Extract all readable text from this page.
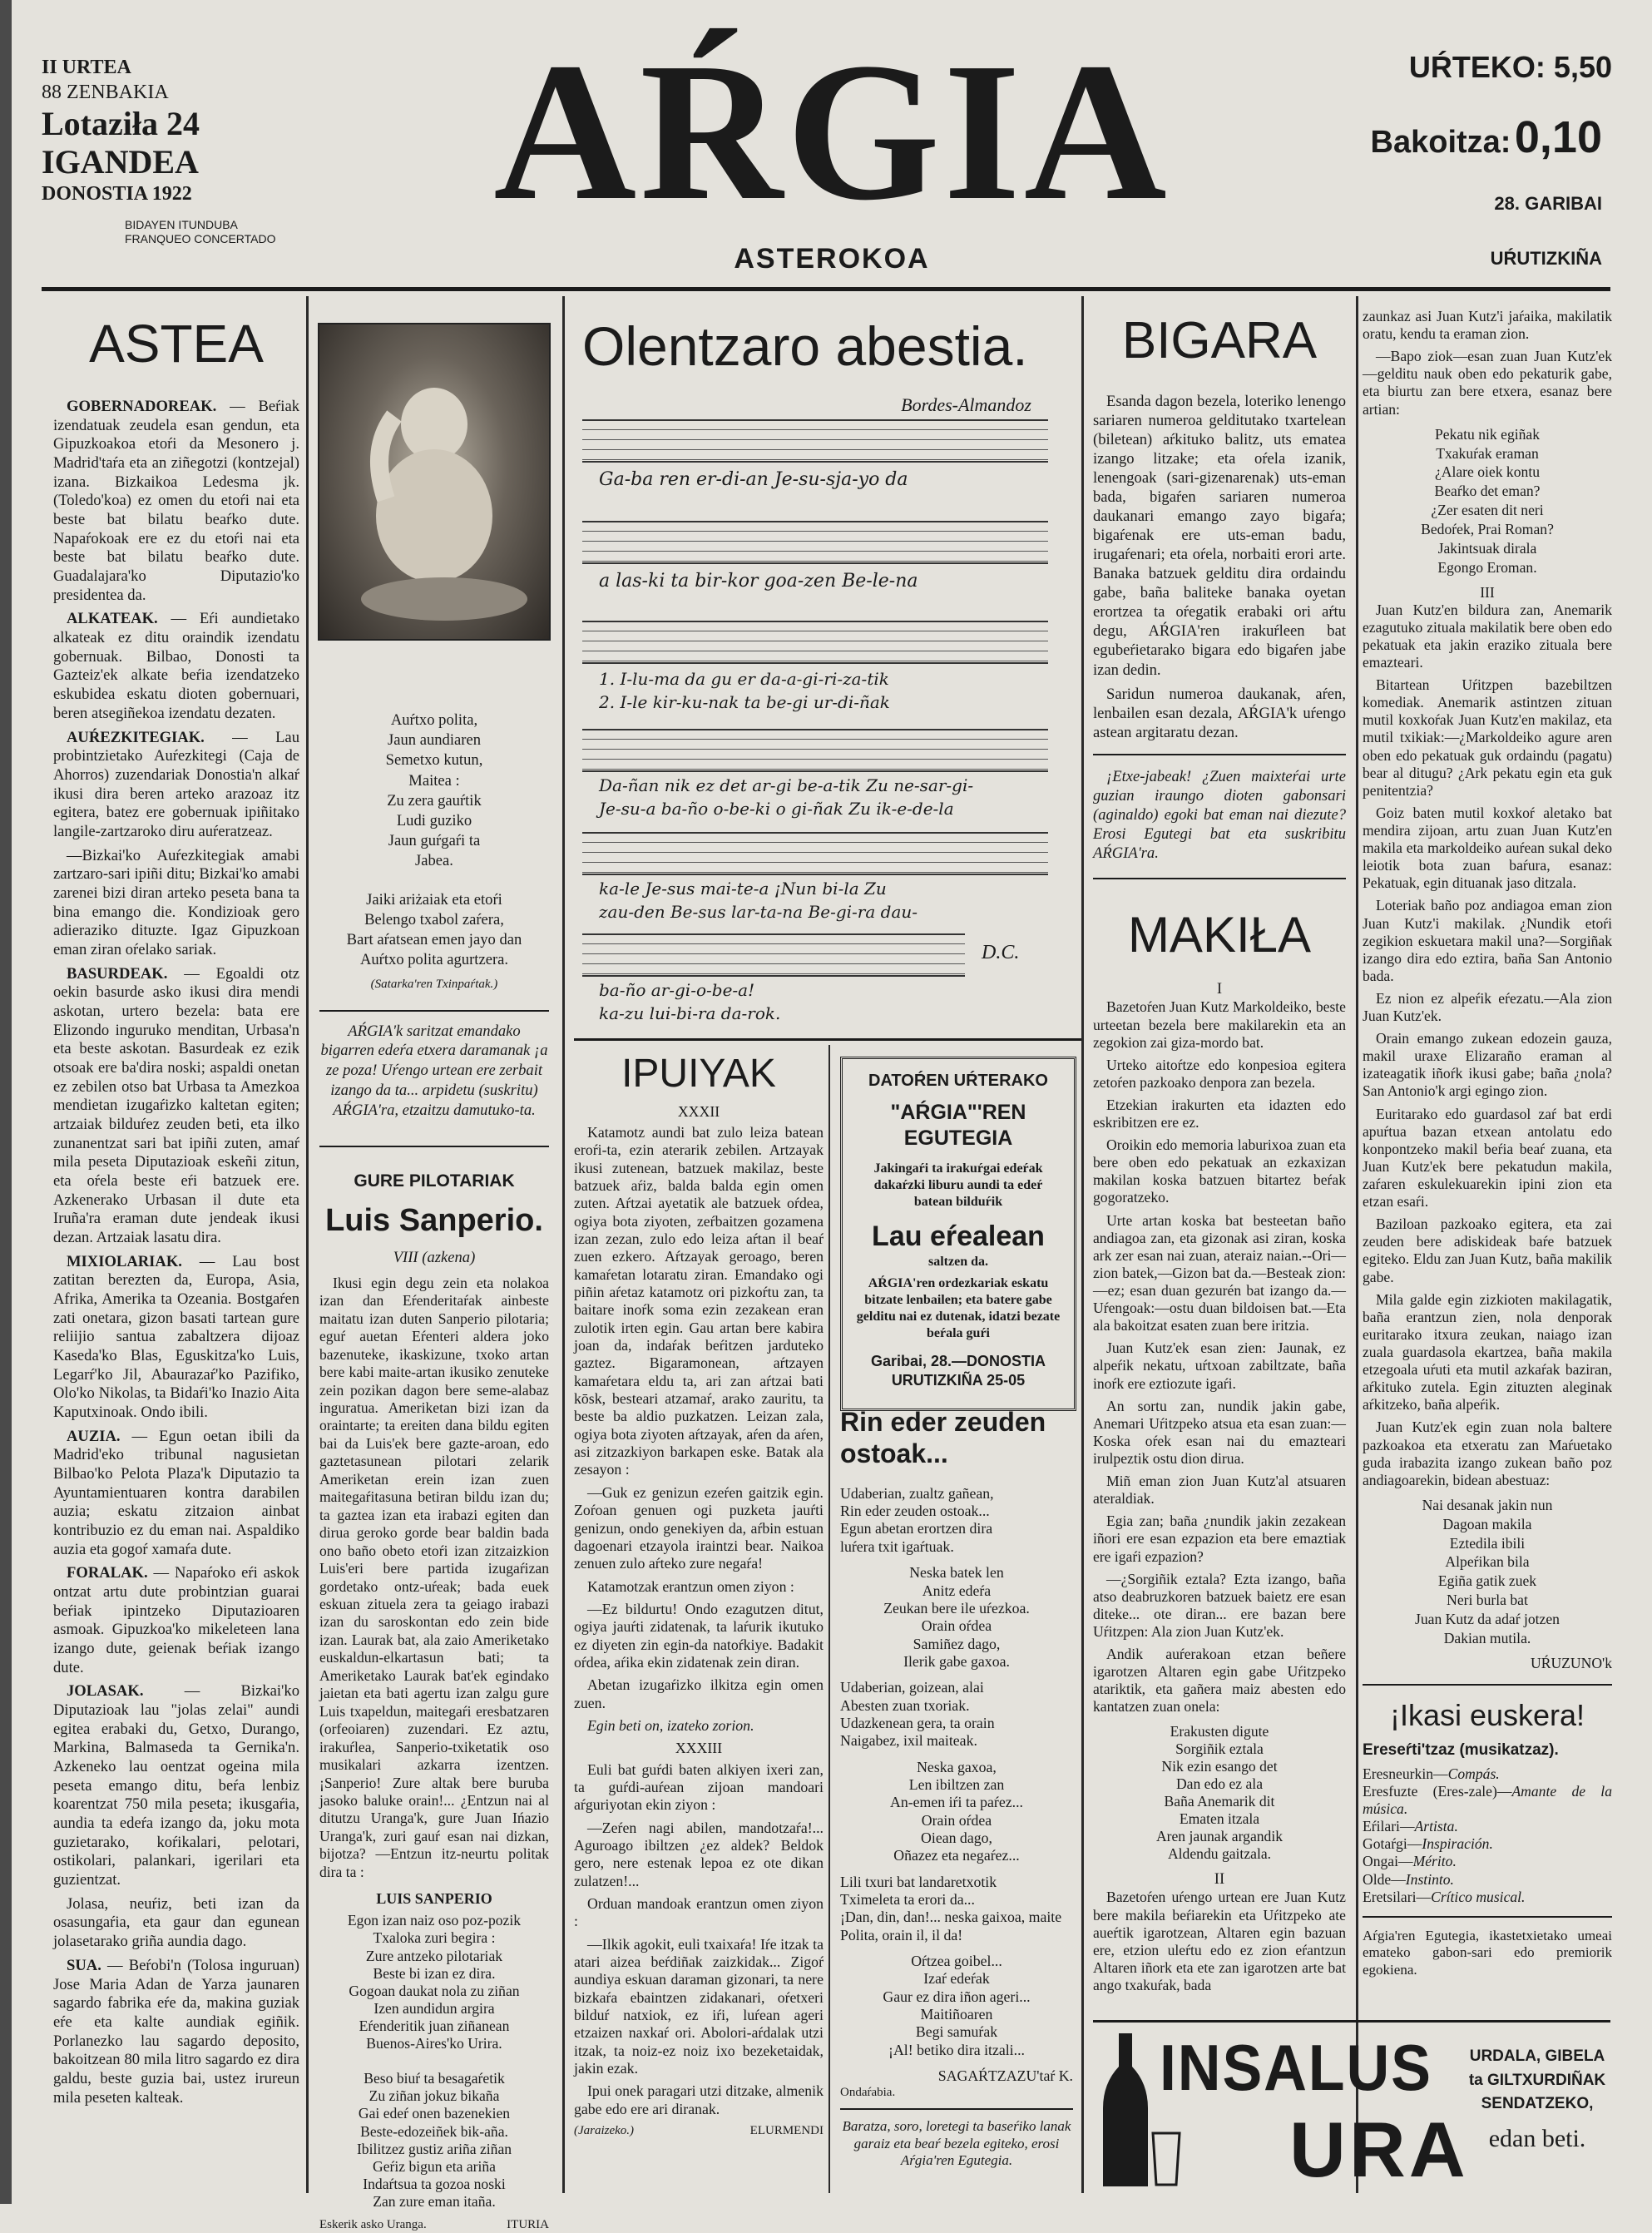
II URTEA
88 ZENBAKIA
Lotaziła 24
IGANDEA
DONOSTIA 1922
BIDAYEN ITUNDUBA
FRANQUEO CONCERTADO AŔGIA
ASTEROKOA
UŔTEKO: 5,50
Bakoitza: 0,10
28. GARIBAI
UŔUTIZKIÑA
ASTEA

GOBERNADOREAK. — Beŕiak izendatuak zeudela esan gendun, eta Gipuzkoakoa etoŕi da Mesonero j. Madrid'taŕa eta an ziñegotzi (kontzejal) izana. Bizkaikoa Ledesma jk. (Toledo'koa) ez omen du etoŕi nai eta beste bat bilatu beaŕko dute. Napaŕokoak ere ez du etoŕi nai eta beste bat bilatu beaŕko dute. Guadalajara'ko Diputazio'ko presidentea da.

ALKATEAK. — Eŕi aundietako alkateak ez ditu oraindik izendatu gobernuak. Bilbao, Donosti ta Gazteiz'ek alkate beŕia izendatzeko eskubidea eskatu dioten gobernuari, beren atsegiñekoa izendatu dezaten.

AUŔEZKITEGIAK. — Lau probintzietako Auŕezkitegi (Caja de Ahorros) zuzendariak Donostia'n alkaŕ ikusi dira beren arteko arazoaz itz egitera, batez ere gobernuak ipiñitako langile-zartzaroko diru auŕeratzeaz.

—Bizkai'ko Auŕezkitegiak amabi zartzaro-sari ipiñi ditu; Bizkai'ko amabi zarenei bizi diran arteko peseta bana ta bina emango die. Kondizioak gero adieraziko dituzte. Igaz Gipuzkoan eman ziran oŕelako sariak.

BASURDEAK. — Egoaldi otz oekin basurde asko ikusi dira mendi askotan, urtero bezela: bata ere Elizondo inguruko menditan, Urbasa'n eta beste askotan. Basurdeak ez ezik otsoak ere ba'dira noski; aspaldi onetan ez zebilen otso bat Urbasa ta Amezkoa mendietan izugaŕizko kaltetan egiten; artzaiak bilduŕez zeuden beti, eta ilko zunanentzat sari bat ipiñi zuten, amaŕ mila peseta Diputazioak eskeñi zitun, eta oŕela beste eŕi batzuek ere. Azkenerako Urbasan il dute eta Iruña'ra eraman dute jendeak ikusi dezan. Artzaiak lasatu dira.

MIXIOLARIAK. — Lau bost zatitan berezten da, Europa, Asia, Afrika, Amerika ta Ozeania. Bostgaŕen zati onetara, gizon basati tartean gure reliĳio santua zabaltzera dijoaz Kaseda'ko Blas, Eguskitza'ko Luis, Legarŕ'ko Jil, Abaurazaŕ'ko Pazifiko, Olo'ko Nikolas, ta Bidaŕi'ko Inazio Aita Kaputxinoak. Ondo ibili.

AUZIA. — Egun oetan ibili da Madrid'eko tribunal nagusietan Bilbao'ko Pelota Plaza'k Diputazio ta Ayuntamientuaren kontra darabilen auzia; eskatu zitzaion ainbat kontribuzio ez du eman nai. Aspaldiko auzia eta gogoŕ xamaŕa dute.

FORALAK. — Napaŕoko eŕi askok ontzat artu dute probintzian guarai beŕiak ipintzeko Diputazioaren asmoak. Gipuzkoa'ko mikeleteen lana izango dute, geienak beŕiak izango dute.

JOLASAK. — Bizkai'ko Diputazioak lau "jolas zelai" aundi egitea erabaki du, Getxo, Durango, Markina, Balmaseda ta Gernika'n. Azkeneko lau oentzat ogeina mila peseta emango ditu, beŕa lenbiz koarentzat 750 mila peseta; ikusgaŕia, aundia ta edeŕa izango da, joku mota guzietarako, koŕikalari, pelotari, ostikolari, palankari, igerilari eta guzientzat.

Jolasa, neuŕiz, beti izan da osasungaŕia, eta gaur dan egunean jolasetarako griña aundia dago.

SUA. — Beŕobi'n (Tolosa inguruan) Jose Maria Adan de Yarza jaunaren sagardo fabrika eŕe da, makina guziak eŕe eta kalte aundiak egiñik. Porlanezko lau sagardo deposito, bakoitzean 80 mila litro sagardo ez dira galdu, beste guzia bai, ustez irureun mila peseten kalteak.

Auŕtxo polita,
Jaun aundiaren
Semetxo kutun,
Maitea :
Zu zera gauŕtik
Ludi guziko
Jaun guŕgaŕi ta
Jabea.
Jaiki ariżaiak eta etoŕi
Belengo txabol zaŕera,
Bart aŕatsean emen jayo dan
Auŕtxo polita agurtzera.
(Satarka'ren Txinpaŕtak.)

AŔGIA'k saritzat emandako bigarren edeŕa etxera daramanak ¡a ze poza! Uŕengo urtean ere zerbait izango da ta... arpidetu (suskritu) AŔGIA'ra, etzaitzu damutuko-ta.

GURE PILOTARIAK
Luis Sanperio.
VIII (azkena)

Ikusi egin degu zein eta nolakoa izan dan Eŕenderitaŕak ainbeste maitatu izan duten Sanperio pilotaria; eguŕ auetan Eŕenteri aldera joko bazenuteke, ikaskizune, txoko artan bere kabi maite-artan ikusiko zenuteke zein pozikan dagon bere seme-alabaz inguratua. Ameriketan bizi izan da oraintarte; ta ereiten dana bildu egiten bai da Luis'ek bere gazte-aroan, edo gaztetasunean pilotari zelarik Ameriketan erein izan zuen maitegaŕitasuna betiran bildu izan du; ta gaztea izan eta irabazi egiten dan dirua geroko gorde bear baldin bada ono baño obeto etoŕi izan zitzaizkion Luis'eri bere partida izugaŕizan gordetako ontz-uŕeak; bada euek eskuan zituela zera ta geiago irabazi izan du saroskontan edo zein bide izan. Laurak bat, ala zaio Ameriketako euskaldun-elkartasun bati; ta Ameriketako Laurak bat'ek egindako jaietan eta bati agertu izan zalgu gure Luis txapeldun, maitegaŕi eresbatzaren (orfeoiaren) zuzendari. Ez aztu, irakuŕlea, Sanperio-txiketatik oso musikalari azkarra izentzen. ¡Sanperio! Zure altak bere buruba jasoko baluke orain!... ¿Entzun nai al ditutzu Uranga'k, gure Juan Ińazio Uranga'k, zuri gauŕ esan nai dizkan, bijotza? —Entzun itz-neurtu politak dira ta :

LUIS SANPERIO
Egon izan naiz oso poz-pozik
Txaloka zuri begira :
Zure antzeko pilotariak
Beste bi izan ez dira.
Gogoan daukat nola zu ziñan
Izen aundidun argira
Eŕenderitik juan ziñanean
Buenos-Aires'ko Urira.
Beso biuŕ ta besagaŕetik
Zu ziñan jokuz bikaña
Gai edeŕ onen bazenekien
Beste-edozeiñek bik-aña.
Ibilitzez gustiz ariña ziñan
Geŕiz bigun eta ariña
Indaŕtsua ta gozoa noski
Zan zure eman itaña.
Eskerik asko Uranga.	ITURIA
Olentzaro abestia.
Bordes-Almandoz
Ga-ba ren er-di-an Je-su-sja-yo da
a las-ki ta bir-kor goa-zen Be-le-na
1. I-lu-ma da gu er da-a-gi-ri-za-tik
2. I-le kir-ku-nak ta be-gi ur-di-ñak
Da-ñan nik ez det ar-gi be-a-tik Zu ne-sar-gi-
Je-su-a ba-ño o-be-ki o gi-ñak Zu ik-e-de-la
ka-le Je-sus mai-te-a ¡Nun bi-la Zu
zau-den Be-sus lar-ta-na Be-gi-ra dau-
D.C.
ba-ño ar-gi-o-be-a!
ka-zu lui-bi-ra da-rok.
IPUIYAK
XXXII

Katamotz aundi bat zulo leiza batean eroŕi-ta, ezin aterarik zebilen. Artzayak ikusi zutenean, batzuek makilaz, beste batzuek aŕiz, balda balda egin omen zuten. Aŕtzai ayetatik ale batzuek oŕdea, ogiya bota ziyoten, zeŕbaitzen gozamena izan zezan, zulo edo leiza aŕtan il beaŕ zuen ezkero. Aŕtzayak geroago, beren kamaŕetan lotaratu ziran. Emandako ogi piñin aŕetaz katamotz ori pizkoŕtu zan, ta baitare inoŕk soma ezin zezakean eran zulotik irten egin. Gau artan bere kabira joan da, indaŕak beŕitzen jarduteko gaztez. Bigaramonean, aŕtzayen kamaŕetara eldu ta, ari zan aŕtzai bati kōsk, besteari atzamaŕ, arako zauritu, ta beste ba aldio puzkatzen. Leizan zala, ogiya bota ziyoten aŕtzayak, aŕen da aŕen, asi zitzazkiyon barkapen eske. Batak ala zesayon :

—Guk ez genizun ezeŕen gaitzik egin. Zoŕoan genuen ogi puzketa jauŕti genizun, ondo genekiyen da, aŕbin estuan dagoenari etzayola iraintzi bear. Naikoa zenuen zulo aŕteko zure negaŕa!

Katamotzak erantzun omen ziyon :

—Ez bildurtu! Ondo ezagutzen ditut, ogiya jauŕti zidatenak, ta laŕurik ikutuko ez diyeten zin egin-da natoŕkiye. Badakit oŕdea, aŕika ekin zidatenak zein diran.

Abetan izugaŕizko ilkitza egin omen zuen.

Egin beti on, izateko zorion.

XXXIII

Euli bat guŕdi baten alkiyen ixeri zan, ta guŕdi-auŕean zijoan mandoari aŕguriyotan ekin ziyon :

—Zeŕen nagi abilen, mandotzaŕa!... Aguroago ibiltzen ¿ez aldek? Beldok gero, nere estenak lepoa ez ote dikan zulatzen!...

Orduan mandoak erantzun omen ziyon :

—Ilkik agokit, euli txaixaŕa! Iŕe itzak ta atari aizea beŕdiñak zaizkidak... Zigoŕ aundiya eskuan daraman gizonari, ta nere bizkaŕa ebaintzen zidakanari, oŕetxeri bilduŕ natxiok, ez iŕi, luŕean ageri etzaizen naxkaŕ ori. Abolori-aŕdalak utzi itzak, ta noiz-ez noiz ixo bezeketaidak, jakin ezak.

Ipui onek paragari utzi ditzake, almenik gabe edo ere ari diranak.

(Jaraizeko.)	ELURMENDI
DATOŔEN UŔTERAKO
"AŔGIA"'REN EGUTEGIA
Jakingaŕi ta irakuŕgai edeŕak dakaŕzki liburu aundi ta edeŕ batean bilduŕik
Lau eŕealean
saltzen da.
AŔGIA'ren ordezkariak eskatu bitzate lenbailen; eta batere gabe gelditu nai ez dutenak, idatzi bezate beŕala guŕi
Garibai, 28.—DONOSTIA
URUTIZKIÑA 25-05
Rin eder zeuden ostoak...
Udaberian, zualtz gañean,
Rin eder zeuden ostoak...
Egun abetan erortzen dira
luŕera txit igaŕtuak.
Neska batek len
Anitz edeŕa
Zeukan bere ile uŕezkoa.
Orain oŕdea
Samiñez dago,
Ilerik gabe gaxoa.
Udaberian, goizean, alai
Abesten zuan txoriak.
Udazkenean gera, ta orain
Naigabez, ixil maiteak.
Neska gaxoa,
Len ibiltzen zan
An-emen iŕi ta paŕez...
Orain oŕdea
Oiean dago,
Oñazez eta negaŕez...
Lili txuri bat landaretxotik
Tximeleta ta erori da...
¡Dan, din, dan!... neska gaixoa, maite Polita, orain il, il da!
Oŕtzea goibel...
Izaŕ edeŕak
Gaur ez dira iñon ageri...
Maitiñoaren
Begi samuŕak
¡Al! betiko dira itzali...
SAGAŔTZAZU'taŕ K.
Ondaŕabia.

Baratza, soro, loretegi ta baseŕiko lanak garaiz eta beaŕ bezela egiteko, erosi Aŕgia'ren Egutegia.

BIGARA

Esanda dagon bezela, loteriko lenengo sariaren numeroa gelditutako txartelean (biletean) aŕkituko balitz, uts ematea izango litzake; eta oŕela izanik, lenengoak (sari-gizenarenak) uts-eman bada, bigaŕen sariaren numeroa daukanari emango zayo bigaŕa; bigaŕenak ere uts-eman badu, irugaŕenari; eta oŕela, norbaiti erori arte. Banaka batzuek gelditu dira ordaindu gabe, baña baliteke banaka oyetan erortzea ta oŕegatik erabaki ori aŕtu degu, AŔGIA'ren irakuŕleen bat egubeŕietarako bigara edo bigaŕen jabe izan dedin.

Saridun numeroa daukanak, aŕen, lenbailen esan dezala, AŔGIA'k uŕengo astean argitaratu dezan.

¡Etxe-jabeak! ¿Zuen maixteŕai urte guzian iraungo dioten gabonsari (aginaldo) egoki bat eman nai diezute? Erosi Egutegi bat eta suskribitu AŔGIA'ra.

MAKIŁA
I

Bazetoŕen Juan Kutz Markoldeiko, beste urteetan bezela bere makilarekin eta an zegokion zai giza-mordo bat.

Urteko aitoŕtze edo konpesioa egitera zetoŕen pazkoako denpora zan bezela.

Etzekian irakurten eta idazten edo eskribitzen ere ez.

Oroikin edo memoria laburixoa zuan eta bere oben edo pekatuak an ezkaxizan makilan koska batzuen bitartez beŕak gogoratzeko.

Urte artan koska bat besteetan baño andiagoa zan, eta gizonak asi ziran, koska ark zer esan nai zuan, ateraiz naian.--Ori—zion batek,—Gizon bat da.—Besteak zion:—ez; esan duan gezurén bat izango da.—Uŕengoak:—ostu duan bildoisen bat.—Eta ala bakoitzat esaten zuan bere iritzia.

Juan Kutz'ek esan zien: Jaunak, ez alpeŕik nekatu, uŕtxoan zabiltzate, baña inoŕk ere eztiozute igaŕi.

An sortu zan, nundik jakin gabe, Anemari Uŕitzpeko atsua eta esan zuan:—Koska oŕek esan nai du emazteari irulpeztik ostu dion dirua.

Miñ eman zion Juan Kutz'al atsuaren ateraldiak.

Egia zan; baña ¿nundik jakin zezakean iñori ere esan ezpazion eta bere emaztiak ere igaŕi ezpazion?

—¿Sorgiñik eztala? Ezta izango, baña atso deabruzkoren batzuek baietz ere esan diteke... ote diran... ere bazan bere Uŕitzpen: Ala zion Juan Kutz'ek.

Andik auŕerakoan etzan beñere igarotzen Altaren egin gabe Uŕitzpeko atariktik, eta gañera maiz abesten edo kantatzen zuan onela:

Erakusten digute
Sorgiñik eztala
Nik ezin esango det
Dan edo ez ala
Baña Anemarik dit
Ematen itzala
Aren jaunak argandik
Aldendu gaitzala.
II

Bazetoŕen uŕengo urtean ere Juan Kutz bere makila beŕiarekin eta Uŕitzpeko ate aueŕtik igarotzean, Altaren egin bazuan ere, etzion uleŕtu edo ez zion eŕantzun Altaren iñork eta ete zan igarotzen arte bat ango txakuŕak, bada

zaunkaz asi Juan Kutz'i jaŕaika, makilatik oratu, kendu ta eraman zion.

—Bapo ziok—esan zuan Juan Kutz'ek—gelditu nauk oben edo pekaturik gabe, eta biurtu zan bere etxera, esanaz bere artian:

Pekatu nik egiñak
Txakuŕak eraman
¿Alare oiek kontu
Beaŕko det eman?
¿Zer esaten dit neri
Bedoŕek, Prai Roman?
Jakintsuak dirala
Egongo Eroman.
III

Juan Kutz'en bildura zan, Anemarik ezagutuko zituala makilatik bere oben edo pekatuak eta jakin eraziko zituala bere emazteari.

Bitartean Uŕitzpen bazebiltzen komediak. Anemarik astintzen zituan mutil koxkoŕak Juan Kutz'en makilaz, eta mutil txikiak:—¿Markoldeiko agure aren oben edo pekatuak guk ordaindu (pagatu) bear al ditugu? ¿Ark pekatu egin eta guk penitentzia?

Goiz baten mutil koxkoŕ aletako bat mendira zijoan, artu zuan Juan Kutz'en makila eta markoldeiko auŕean sukal deko leiotik bota zuan baŕura, esanaz: Pekatuak, egin dituanak jaso ditzala.

Loteriak baño poz andiagoa eman zion Juan Kutz'i makilak. ¿Nundik etoŕi zegikion eskuetara makil una?—Sorgiñak izango dira edo eztira, baña San Antonio bada.

Ez nion ez alpeŕik eŕezatu.—Ala zion Juan Kutz'ek.

Orain emango zukean edozein gauza, makil uraxe Elizaraño eraman al izateagatik iñoŕk ikusi gabe; baña ¿nola? San Antonio'k argi egingo zion.

Euritarako edo guardasol zaŕ bat erdi apuŕtua bazan etxean antolatu edo konpontzeko makil beŕia beaŕ zuana, eta Juan Kutz'ek bere pekatudun makila, zaŕaren eskulekuarekin ipini zion eta etzan esaŕi.

Baziloan pazkoako egitera, eta zai zeuden bere adiskideak baŕe batzuek egiteko. Eldu zan Juan Kutz, baña makilik gabe.

Mila galde egin zizkioten makilagatik, baña erantzun zien, nola denporak euritarako itxura zeukan, naiago izan zuala guardasola ekartzea, baña makila etzegoala uŕuti eta mutil azkaŕak baziran, aŕkituko zutela. Egin zituzten aleginak aŕkitzeko, baña alpeŕik.

Juan Kutz'ek egin zuan nola baltere pazkoakoa eta etxeratu zan Maŕuetako guda irabazita izango zukean baño poz andiagoarekin, bidean abestuaz:

Nai desanak jakin nun
Dagoan makila
Eztedila ibili
Alpeŕikan bila
Egiña gatik zuek
Neri burla bat
Juan Kutz da adaŕ jotzen
Dakian mutila.
UŔUZUNO'k
¡Ikasi euskera!
Ereseŕti'tzaz (musikatzaz).
Eresneurkin—Compás.
Eresfuzte (Eres-zale)—Amante de la música.
Eŕilari—Artista.
Gotaŕgi—Inspiración.
Ongai—Mérito.
Olde—Instinto.
Eretsilari—Crítico musical.

Aŕgia'ren Egutegia, ikastetxietako umeai emateko gabon-sari edo premiorik egokiena.

INSALUS
URA
URDALA, GIBELA
ta GILTXURDIÑAK
SENDATZEKO,
edan beti.
